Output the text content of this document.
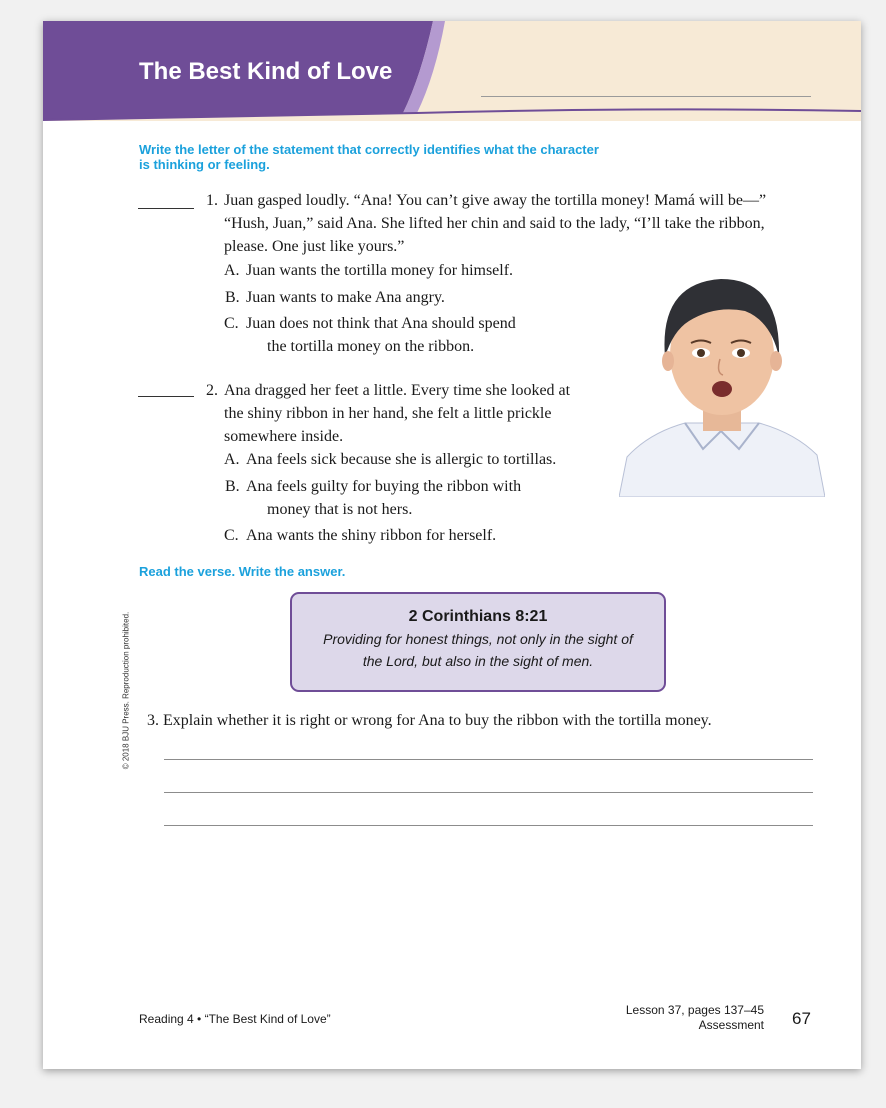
The Best Kind of Love
Write the letter of the statement that correctly identifies what the character
is thinking or feeling.
1. Juan gasped loudly. “Ana! You can’t give away the tortilla money! Mamá will be—”
“Hush, Juan,” said Ana. She lifted her chin and said to the lady, “I’ll take the ribbon,
please. One just like yours.”
A. Juan wants the tortilla money for himself.
B. Juan wants to make Ana angry.
C. Juan does not think that Ana should spend
the tortilla money on the ribbon.
2. Ana dragged her feet a little. Every time she looked at
the shiny ribbon in her hand, she felt a little prickle
somewhere inside.
A. Ana feels sick because she is allergic to tortillas.
B. Ana feels guilty for buying the ribbon with
money that is not hers.
C. Ana wants the shiny ribbon for herself.
Read the verse. Write the answer.
2 Corinthians 8:21
Providing for honest things, not only in the sight of
the Lord, but also in the sight of men.
3. Explain whether it is right or wrong for Ana to buy the ribbon with the tortilla money.
© 2018 BJU Press. Reproduction prohibited.
Reading 4 • “The Best Kind of Love”
Lesson 37, pages 137–45
Assessment 67
